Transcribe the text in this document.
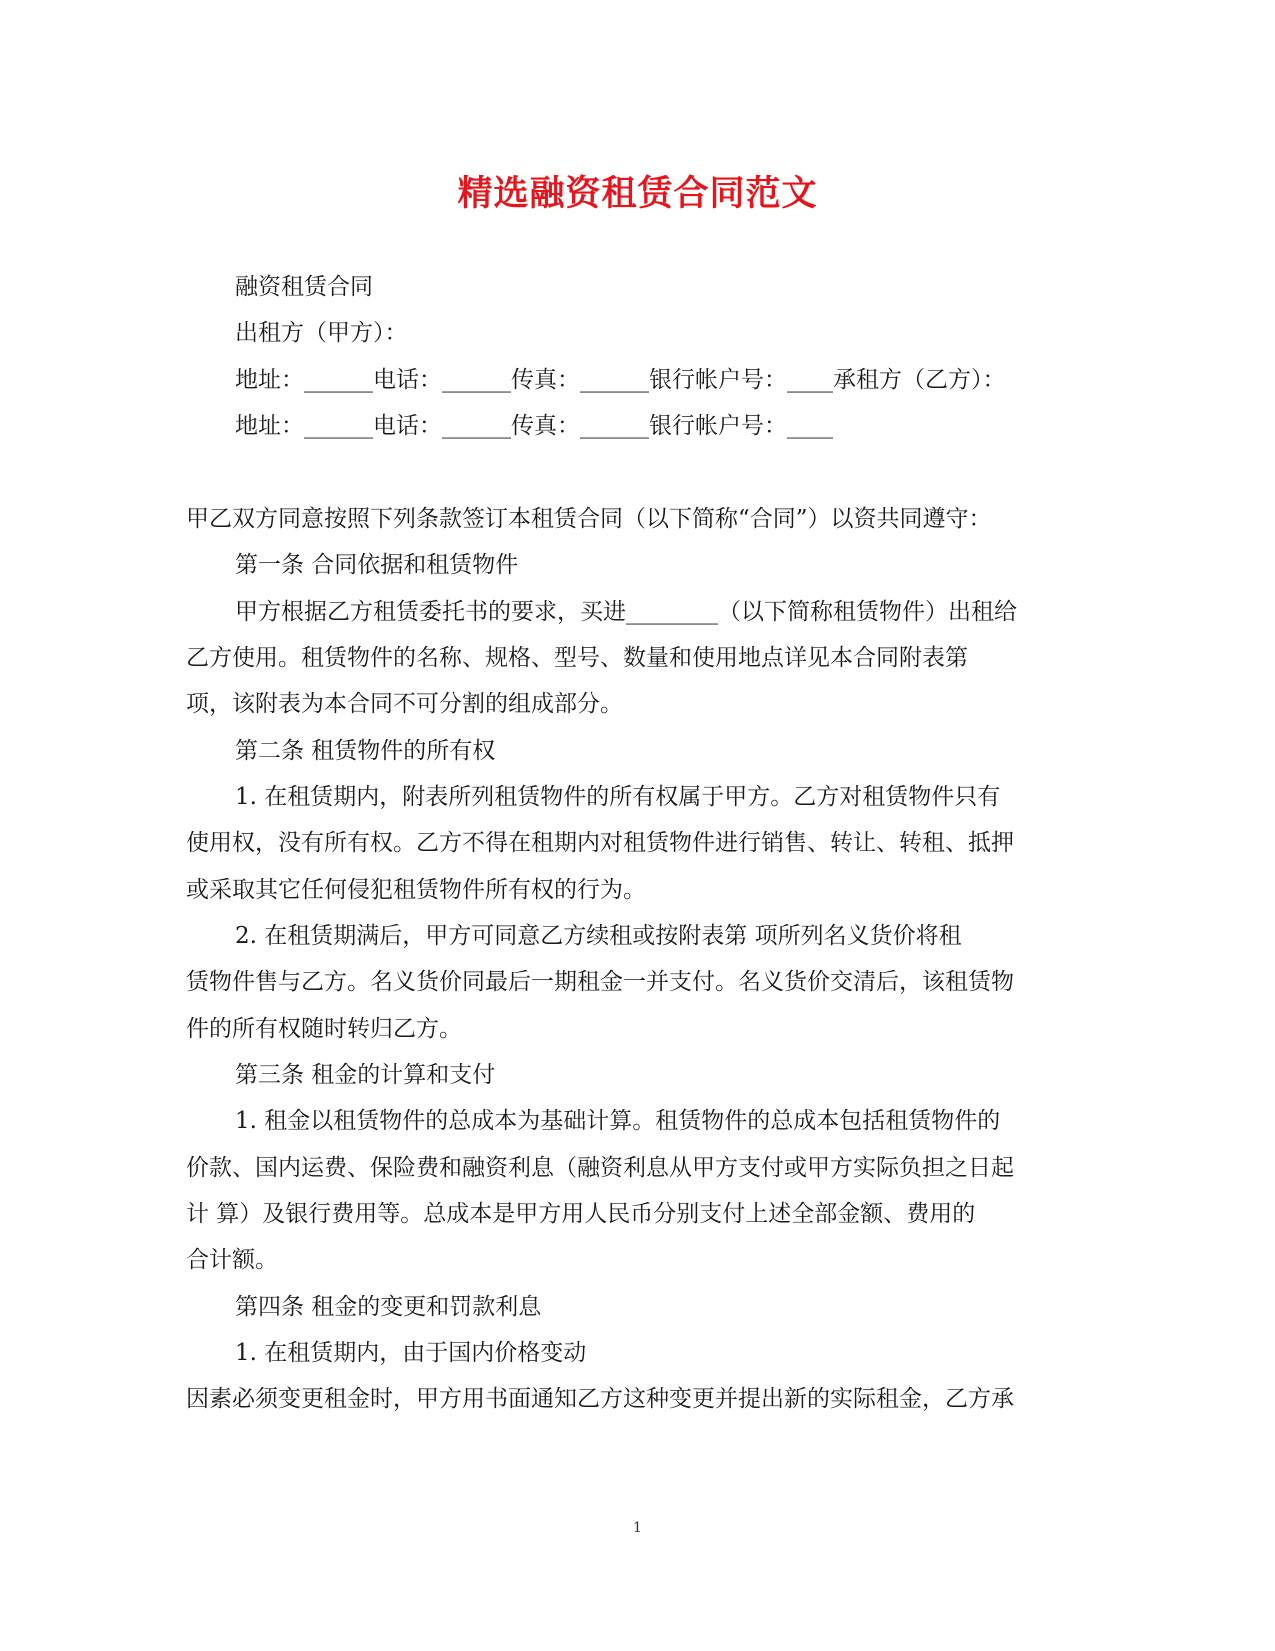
精选融资租赁合同范文
融资租赁合同
出租方（甲方）：
地址：______电话：______传真：______银行帐户号：____承租方（乙方）：
地址：______电话：______传真：______银行帐户号：____
甲乙双方同意按照下列条款签订本租赁合同（以下简称“合同”）以资共同遵守：
第一条 合同依据和租赁物件
甲方根据乙方租赁委托书的要求，买进________（以下简称租赁物件）出租给
乙方使用。租赁物件的名称、规格、型号、数量和使用地点详见本合同附表第
项，该附表为本合同不可分割的组成部分。
第二条 租赁物件的所有权
1. 在租赁期内，附表所列租赁物件的所有权属于甲方。乙方对租赁物件只有
使用权，没有所有权。乙方不得在租期内对租赁物件进行销售、转让、转租、抵押
或采取其它任何侵犯租赁物件所有权的行为。
2. 在租赁期满后，甲方可同意乙方续租或按附表第 项所列名义货价将租
赁物件售与乙方。名义货价同最后一期租金一并支付。名义货价交清后，该租赁物
件的所有权随时转归乙方。
第三条 租金的计算和支付
1. 租金以租赁物件的总成本为基础计算。租赁物件的总成本包括租赁物件的
价款、国内运费、保险费和融资利息（融资利息从甲方支付或甲方实际负担之日起
计 算）及银行费用等。总成本是甲方用人民币分别支付上述全部金额、费用的
合计额。
第四条 租金的变更和罚款利息
1. 在租赁期内，由于国内价格变动
因素必须变更租金时，甲方用书面通知乙方这种变更并提出新的实际租金，乙方承
1
